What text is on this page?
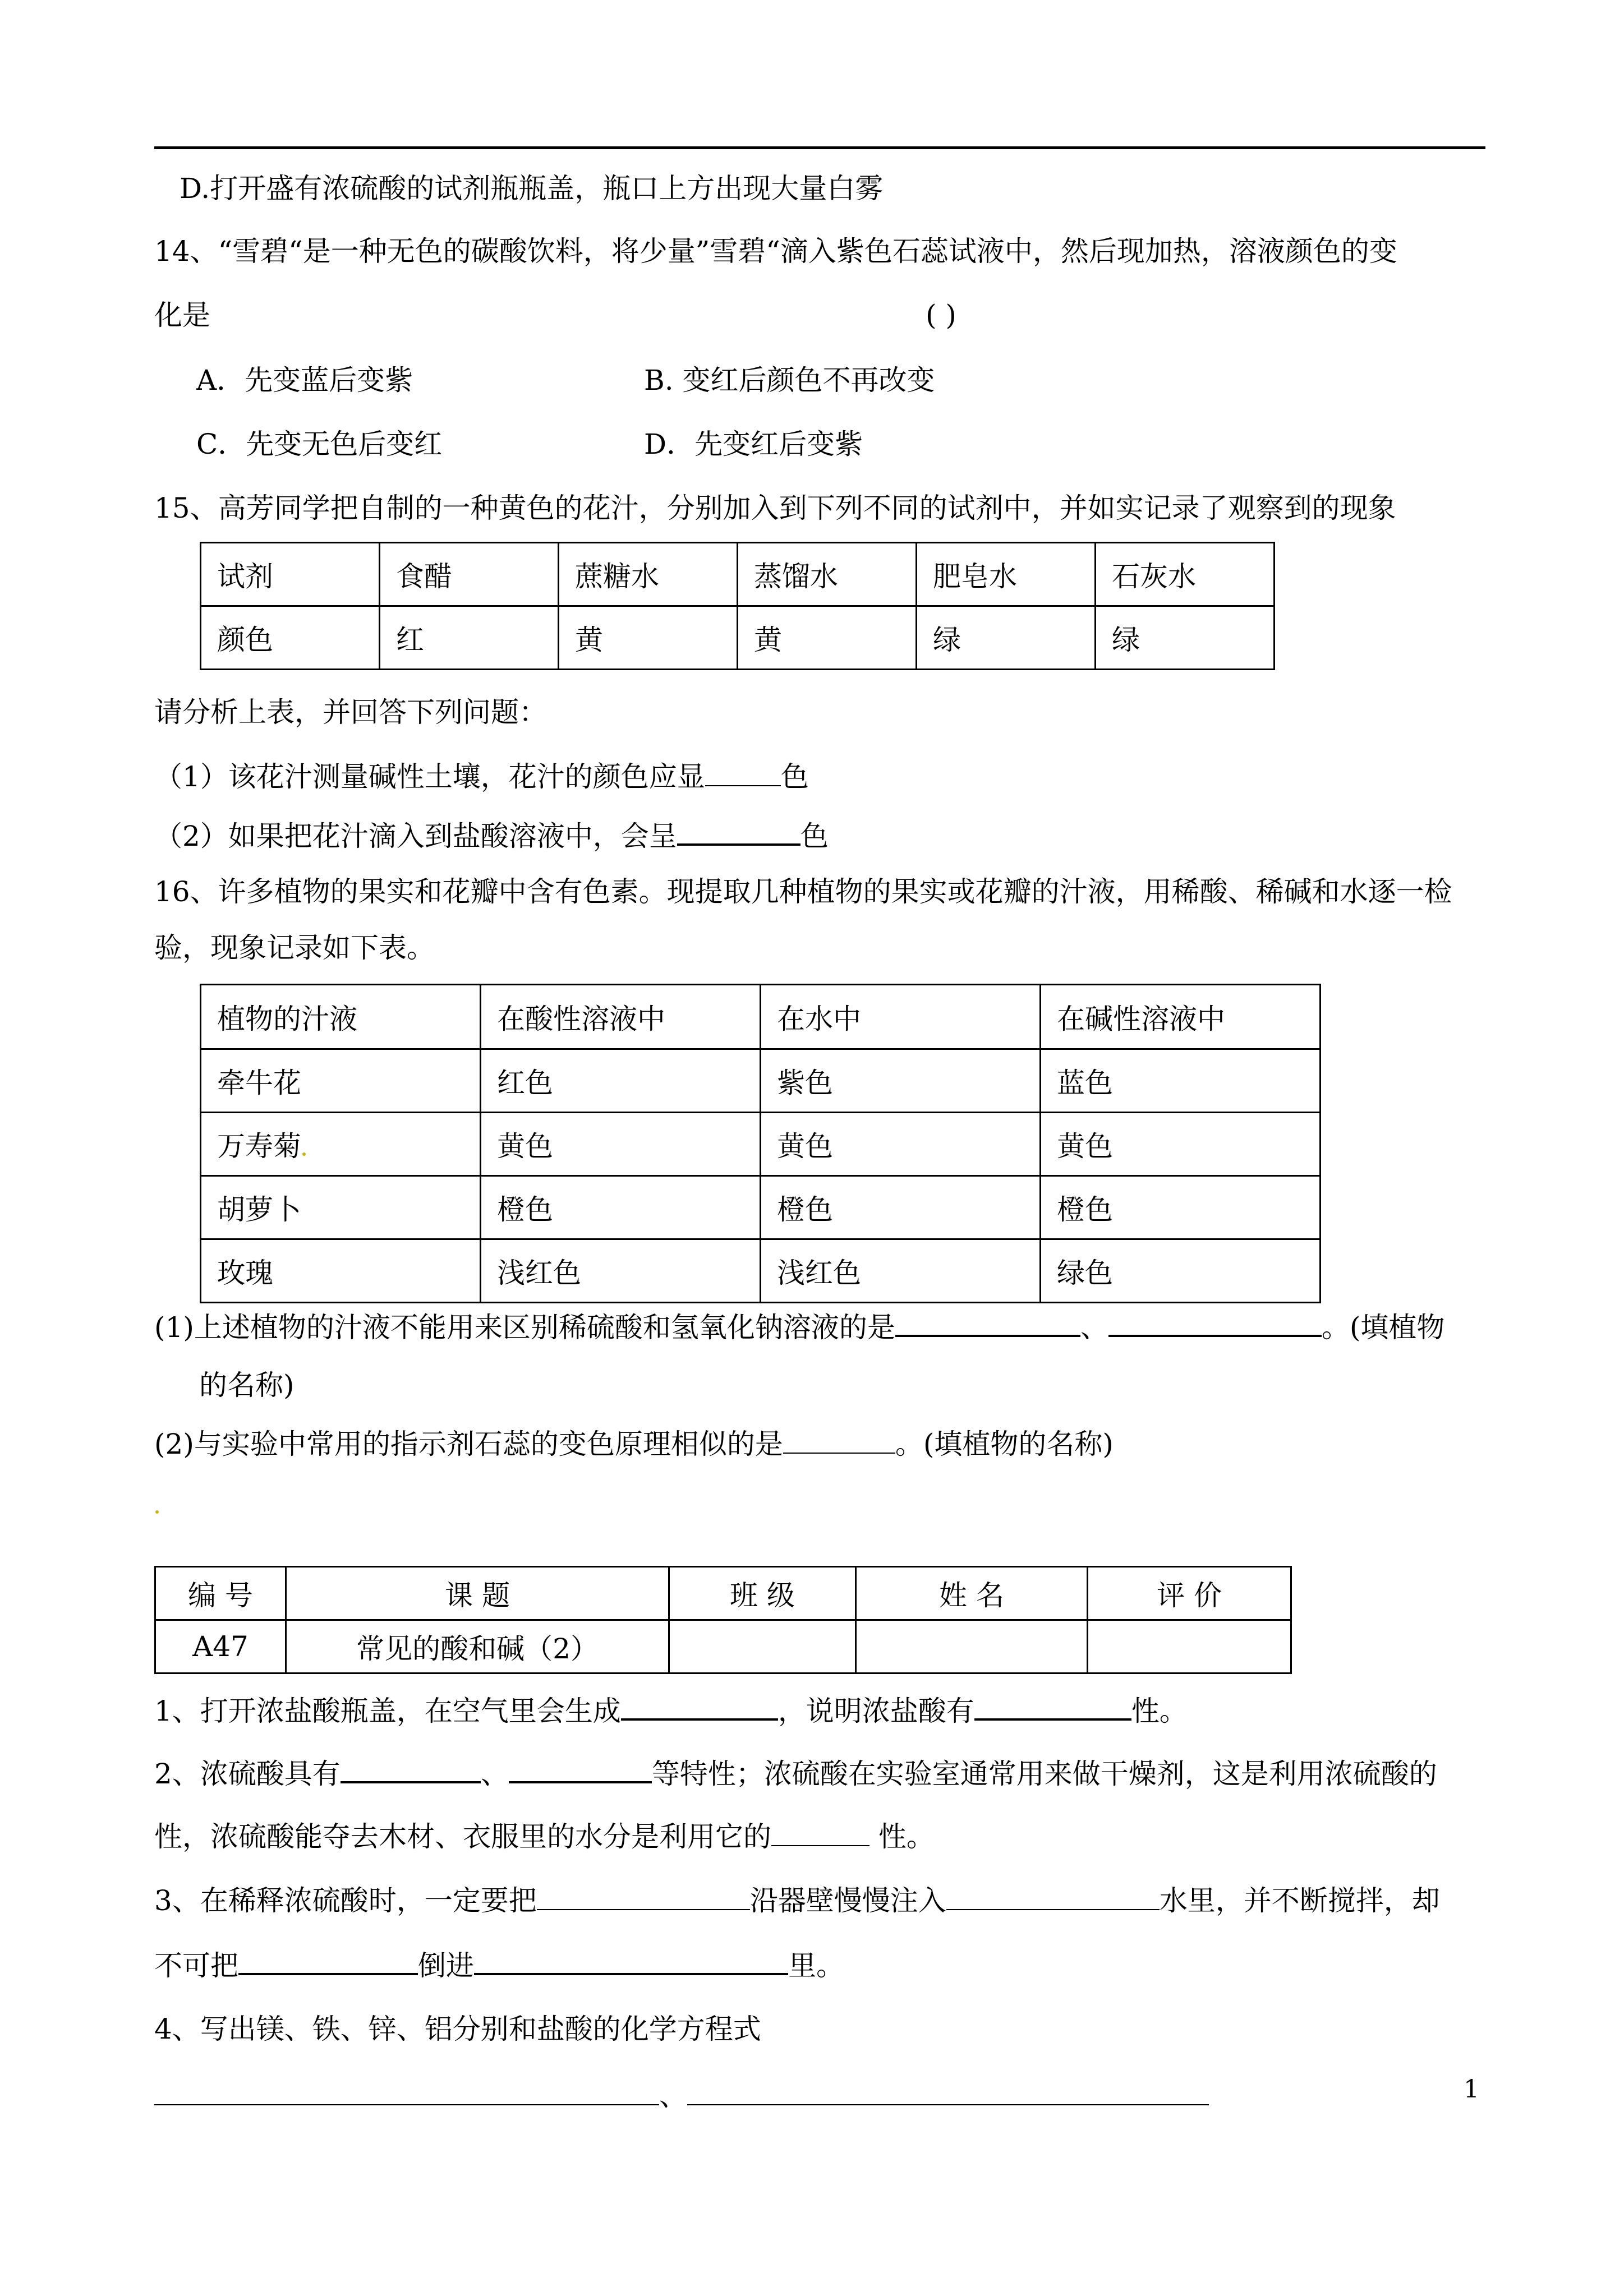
D.打开盛有浓硫酸的试剂瓶瓶盖，瓶口上方出现大量白雾
14、“雪碧“是一种无色的碳酸饮料，将少量”雪碧“滴入紫色石蕊试液中，然后现加热，溶液颜色的变
化是	( )
A．先变蓝后变紫	B. 变红后颜色不再改变
C．先变无色后变红	D．先变红后变紫
15、高芳同学把自制的一种黄色的花汁，分别加入到下列不同的试剂中，并如实记录了观察到的现象
试剂	食醋	蔗糖水	蒸馏水	肥皂水	石灰水
颜色	红	黄	黄	绿	绿
请分析上表，并回答下列问题：
（1）该花汁测量碱性土壤，花汁的颜色应显	色
（2）如果把花汁滴入到盐酸溶液中，会呈	色
16、许多植物的果实和花瓣中含有色素。现提取几种植物的果实或花瓣的汁液，用稀酸、稀碱和水逐一检
验，现象记录如下表。
植物的汁液	在酸性溶液中	在水中	在碱性溶液中
牵牛花	红色	紫色	蓝色
万寿菊	黄色	黄色	黄色
胡萝卜	橙色	橙色	橙色
玫瑰	浅红色	浅红色	绿色
(1)上述植物的汁液不能用来区别稀硫酸和氢氧化钠溶液的是	、	。(填植物
的名称)
(2)与实验中常用的指示剂石蕊的变色原理相似的是	。(填植物的名称)
编 号	课 题	班 级	姓 名	评 价
A47	常见的酸和碱（2）			
1、打开浓盐酸瓶盖，在空气里会生成	，说明浓盐酸有	性。
2、浓硫酸具有	、	等特性；浓硫酸在实验室通常用来做干燥剂，这是利用浓硫酸的
性，浓硫酸能夺去木材、衣服里的水分是利用它的	性。
3、在稀释浓硫酸时，一定要把	沿器壁慢慢注入	水里，并不断搅拌，却
不可把	倒进	里。
4、写出镁、铁、锌、铝分别和盐酸的化学方程式
、	1
